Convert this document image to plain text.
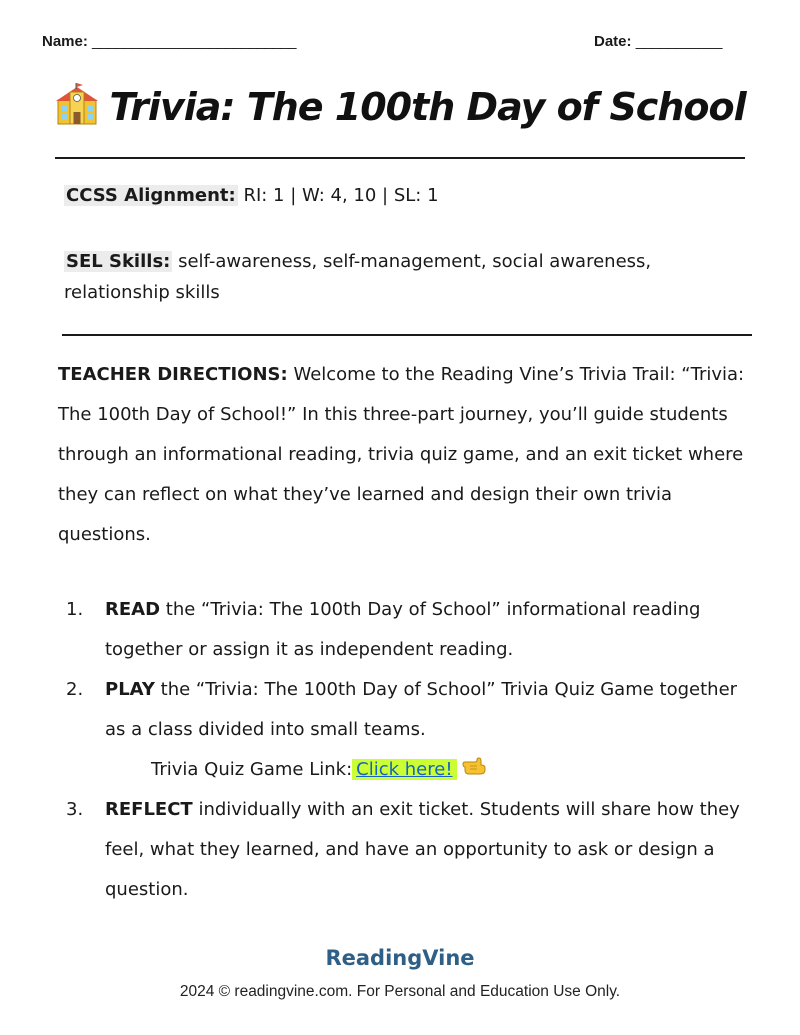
Name: __________________________	Date: ___________
Trivia: The 100th Day of School
CCSS Alignment: RI: 1 | W: 4, 10 | SL: 1
SEL Skills: self-awareness, self-management, social awareness, relationship skills
TEACHER DIRECTIONS: Welcome to the Reading Vine’s Trivia Trail: “Trivia: The 100th Day of School!” In this three-part journey, you’ll guide students through an informational reading, trivia quiz game, and an exit ticket where they can reflect on what they’ve learned and design their own trivia questions.
1. READ the “Trivia: The 100th Day of School” informational reading together or assign it as independent reading.
2. PLAY the “Trivia: The 100th Day of School” Trivia Quiz Game together as a class divided into small teams.
Trivia Quiz Game Link: Click here!
3. REFLECT individually with an exit ticket. Students will share how they feel, what they learned, and have an opportunity to ask or design a question.
ReadingVine
2024 © readingvine.com. For Personal and Education Use Only.
